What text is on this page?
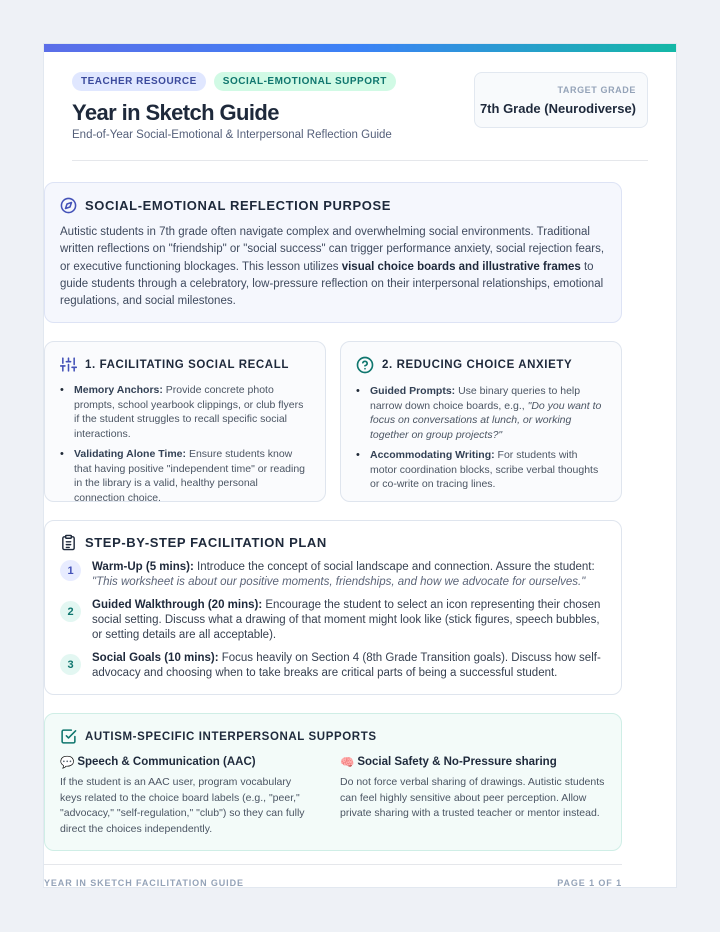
TEACHER RESOURCE	SOCIAL-EMOTIONAL SUPPORT
Year in Sketch Guide
End-of-Year Social-Emotional & Interpersonal Reflection Guide
TARGET GRADE
7th Grade (Neurodiverse)
SOCIAL-EMOTIONAL REFLECTION PURPOSE

Autistic students in 7th grade often navigate complex and overwhelming social environments. Traditional written reflections on "friendship" or "social success" can trigger performance anxiety, social rejection fears, or executive functioning blockages. This lesson utilizes visual choice boards and illustrative frames to guide students through a celebratory, low-pressure reflection on their interpersonal relationships, emotional regulations, and social milestones.

1. FACILITATING SOCIAL RECALL
• Memory Anchors: Provide concrete photo prompts, school yearbook clippings, or club flyers if the student struggles to recall specific social interactions.
• Validating Alone Time: Ensure students know that having positive "independent time" or reading in the library is a valid, healthy personal connection choice.
2. REDUCING CHOICE ANXIETY
• Guided Prompts: Use binary queries to help narrow down choice boards, e.g., "Do you want to focus on conversations at lunch, or working together on group projects?"
• Accommodating Writing: For students with motor coordination blocks, scribe verbal thoughts or co-write on tracing lines.
STEP-BY-STEP FACILITATION PLAN
1	Warm-Up (5 mins): Introduce the concept of social landscape and connection. Assure the student:
"This worksheet is about our positive moments, friendships, and how we advocate for ourselves."
2
Guided Walkthrough (20 mins): Encourage the student to select an icon representing their chosen social setting. Discuss what a drawing of that moment might look like (stick figures, speech bubbles, or setting details are all acceptable).
3
Social Goals (10 mins): Focus heavily on Section 4 (8th Grade Transition goals). Discuss how self-advocacy and choosing when to take breaks are critical parts of being a successful student.
AUTISM-SPECIFIC INTERPERSONAL SUPPORTS
💬 Speech & Communication (AAC)

If the student is an AAC user, program vocabulary keys related to the choice board labels (e.g., "peer," "advocacy," "self-regulation," "club") so they can fully direct the choices independently.

🧠 Social Safety & No-Pressure sharing

Do not force verbal sharing of drawings. Autistic students can feel highly sensitive about peer perception. Allow private sharing with a trusted teacher or mentor instead.

YEAR IN SKETCH FACILITATION GUIDE	PAGE 1 OF 1
